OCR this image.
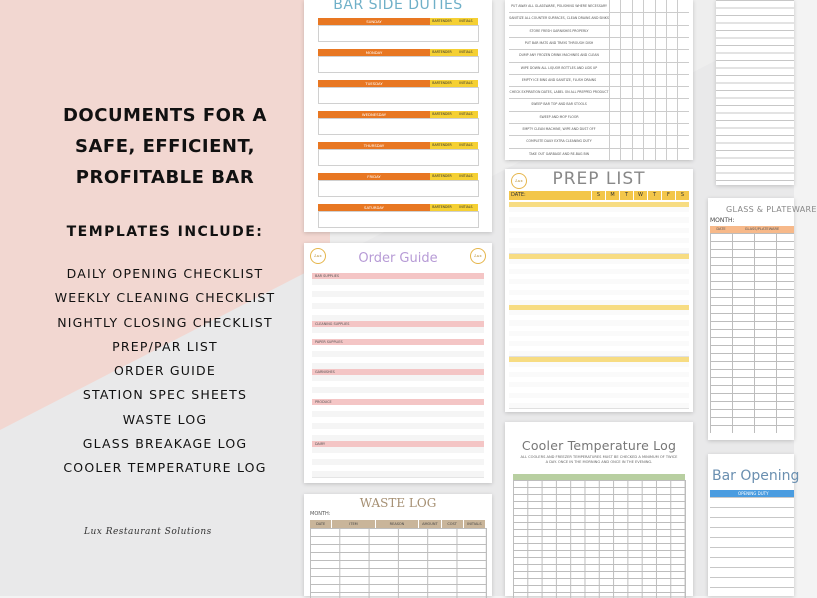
DOCUMENTS FOR A
SAFE, EFFICIENT,
PROFITABLE BAR
TEMPLATES INCLUDE:
DAILY OPENING CHECKLIST
WEEKLY CLEANING CHECKLIST
NIGHTLY CLOSING CHECKLIST
PREP/PAR LIST
ORDER GUIDE
STATION SPEC SHEETS
WASTE LOG
GLASS BREAKAGE LOG
COOLER TEMPERATURE LOG
Lux Restaurant Solutions
BAR SIDE DUTIES
SUNDAY	BARTENDER	INITIALS
MONDAY	BARTENDER	INITIALS
TUESDAY	BARTENDER	INITIALS
WEDNESDAY	BARTENDER	INITIALS
THURSDAY	BARTENDER	INITIALS
FRIDAY	BARTENDER	INITIALS
SATURDAY	BARTENDER	INITIALS
Lux	Lux
Order Guide
BAR SUPPLIES
CLEANING SUPPLIES
PAPER SUPPLIES
GARNISHES
PRODUCE
DAIRY
WASTE LOG
MONTH:
DATE	ITEM	REASON	AMOUNT	COST	INITIALS
PUT AWAY ALL GLASSWARE, POLISHING WHERE NECESSARY
SANITIZE ALL COUNTER SURFACES, CLEAN DRAINS AND SINKS
STORE FRESH GARNISHES PROPERLY
PUT BAR MATS AND TRAYS THROUGH DISH
DUMP ANY FROZEN DRINK MACHINES AND CLEAN
WIPE DOWN ALL LIQUOR BOTTLES AND LIDS UP
EMPTY ICE BINS AND SANITIZE, FLUSH DRAINS
CHECK EXPIRATION DATES, LABEL ON ALL PREPPED PRODUCT
SWEEP BAR TOP AND BAR STOOLS
SWEEP AND MOP FLOOR
EMPTY CLEAN MACHINE, WIPE AND DUST OFF
COMPLETE DAILY EXTRA CLEANING DUTY
TAKE OUT GARBAGE AND RE-BAG BIN
Lux	PREP LIST
DATE:	S	M	T	W	T	F	S
Cooler Temperature Log
ALL COOLERS AND FREEZER TEMPERATURES MUST BE CHECKED A MINIMUM OF TWICE A DAY. ONCE IN THE MORNING AND ONCE IN THE EVENING.
GLASS & PLATEWARE
MONTH:
DATE	GLASS/PLATEWARE
Bar Opening
OPENING DUTY
